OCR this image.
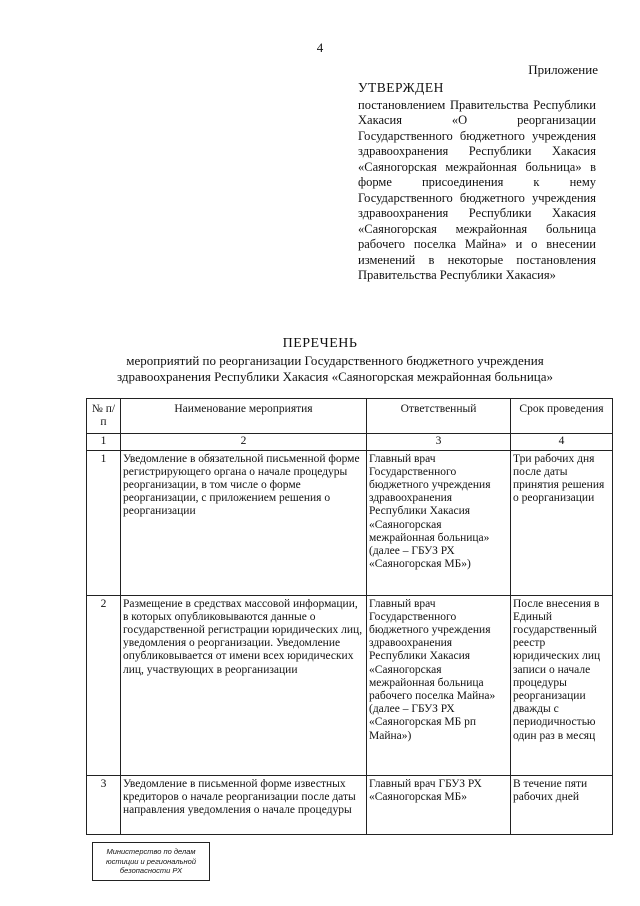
4
Приложение
УТВЕРЖДЕН
постановлением Правительства Республики Хакасия «О реорганизации Государственного бюджетного учреждения здравоохранения Республики Хакасия «Саяногорская межрайонная больница» в форме присоединения к нему Государственного бюджетного учреждения здравоохранения Республики Хакасия «Саяногорская межрайонная больница рабочего поселка Майна» и о внесении изменений в некоторые постановления Правительства Республики Хакасия»
ПЕРЕЧЕНЬ
мероприятий по реорганизации Государственного бюджетного учреждения здравоохранения Республики Хакасия «Саяногорская межрайонная больница»
№ п/п	Наименование мероприятия	Ответственный	Срок проведения
1	2	3	4
1	Уведомление в обязательной письменной форме регистрирующего органа о начале процедуры реорганизации, в том числе о форме реорганизации, с приложением решения о реорганизации	Главный врач Государственного бюджетного учреждения здравоохранения Республики Хакасия «Саяногорская межрайонная больница» (далее – ГБУЗ РХ «Саяногорская МБ»)	Три рабочих дня после даты принятия решения о реорганизации
2	Размещение в средствах массовой информации, в которых опубликовываются данные о государственной регистрации юридических лиц, уведомления о реорганизации. Уведомление опубликовывается от имени всех юридических лиц, участвующих в реорганизации	Главный врач Государственного бюджетного учреждения здравоохранения Республики Хакасия «Саяногорская межрайонная больница рабочего поселка Майна» (далее – ГБУЗ РХ «Саяногорская МБ рп Майна»)	После внесения в Единый государственный реестр юридических лиц записи о начале процедуры реорганизации дважды с периодичностью один раз в месяц
3	Уведомление в письменной форме известных кредиторов о начале реорганизации после даты направления уведомления о начале процедуры	Главный врач ГБУЗ РХ «Саяногорская МБ»	В течение пяти рабочих дней
Министерство по делам юстиции и региональной безопасности РХ
